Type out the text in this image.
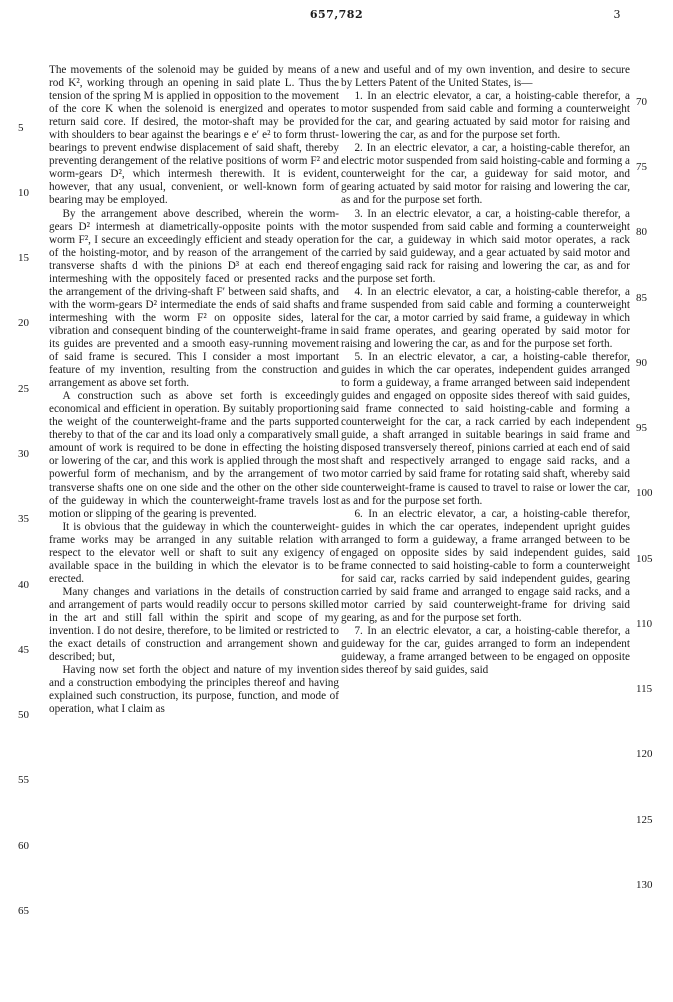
657,782	3

The movements of the solenoid may be guided by means of a rod K², working through an opening in said plate L. Thus the tension of the spring M is applied in opposition to the movement of the core K when the solenoid is energized and operates to return said core. If desired, the motor-shaft may be provided with shoulders to bear against the bearings e e′ e² to form thrust-bearings to prevent endwise displacement of said shaft, thereby preventing derangement of the relative positions of worm F² and worm-gears D², which intermesh therewith. It is evident, however, that any usual, convenient, or well-known form of bearing may be employed.

By the arrangement above described, wherein the worm-gears D² intermesh at diametrically-opposite points with the worm F², I secure an exceedingly efficient and steady operation of the hoisting-motor, and by reason of the arrangement of the transverse shafts d with the pinions D³ at each end thereof intermeshing with the oppositely faced or presented racks and the arrangement of the driving-shaft F′ between said shafts, and with the worm-gears D² intermediate the ends of said shafts and intermeshing with the worm F² on opposite sides, lateral vibration and consequent binding of the counterweight-frame in its guides are prevented and a smooth easy-running movement of said frame is secured. This I consider a most important feature of my invention, resulting from the construction and arrangement as above set forth.

A construction such as above set forth is exceedingly economical and efficient in operation. By suitably proportioning the weight of the counterweight-frame and the parts supported thereby to that of the car and its load only a comparatively small amount of work is required to be done in effecting the hoisting or lowering of the car, and this work is applied through the most powerful form of mechanism, and by the arrangement of two transverse shafts one on one side and the other on the other side of the guideway in which the counterweight-frame travels lost motion or slipping of the gearing is prevented.

It is obvious that the guideway in which the counterweight-frame works may be arranged in any suitable relation with respect to the elevator well or shaft to suit any exigency of available space in the building in which the elevator is to be erected.

Many changes and variations in the details of construction and arrangement of parts would readily occur to persons skilled in the art and still fall within the spirit and scope of my invention. I do not desire, therefore, to be limited or restricted to the exact details of construction and arrangement shown and described; but,

Having now set forth the object and nature of my invention and a construction embodying the principles thereof and having explained such construction, its purpose, function, and mode of operation, what I claim as

new and useful and of my own invention, and desire to secure by Letters Patent of the United States, is—

1. In an electric elevator, a car, a hoisting-cable therefor, a motor suspended from said cable and forming a counterweight for the car, and gearing actuated by said motor for raising and lowering the car, as and for the purpose set forth.

2. In an electric elevator, a car, a hoisting-cable therefor, an electric motor suspended from said hoisting-cable and forming a counterweight for the car, a guideway for said motor, and gearing actuated by said motor for raising and lowering the car, as and for the purpose set forth.

3. In an electric elevator, a car, a hoisting-cable therefor, a motor suspended from said cable and forming a counterweight for the car, a guideway in which said motor operates, a rack carried by said guideway, and a gear actuated by said motor and engaging said rack for raising and lowering the car, as and for the purpose set forth.

4. In an electric elevator, a car, a hoisting-cable therefor, a frame suspended from said cable and forming a counterweight for the car, a motor carried by said frame, a guideway in which said frame operates, and gearing operated by said motor for raising and lowering the car, as and for the purpose set forth.

5. In an electric elevator, a car, a hoisting-cable therefor, guides in which the car operates, independent guides arranged to form a guideway, a frame arranged between said independent guides and engaged on opposite sides thereof with said guides, said frame connected to said hoisting-cable and forming a counterweight for the car, a rack carried by each independent guide, a shaft arranged in suitable bearings in said frame and disposed transversely thereof, pinions carried at each end of said shaft and respectively arranged to engage said racks, and a motor carried by said frame for rotating said shaft, whereby said counterweight-frame is caused to travel to raise or lower the car, as and for the purpose set forth.

6. In an electric elevator, a car, a hoisting-cable therefor, guides in which the car operates, independent upright guides arranged to form a guideway, a frame arranged between to be engaged on opposite sides by said independent guides, said frame connected to said hoisting-cable to form a counterweight for said car, racks carried by said independent guides, gearing carried by said frame and arranged to engage said racks, and a motor carried by said counterweight-frame for driving said gearing, as and for the purpose set forth.

7. In an electric elevator, a car, a hoisting-cable therefor, a guideway for the car, guides arranged to form an independent guideway, a frame arranged between to be engaged on opposite sides thereof by said guides, said

5
10
15
20
25
30
35
40
45
50
55
60
65
70
75
80
85
90
95
100
105
110
115
120
125
130
